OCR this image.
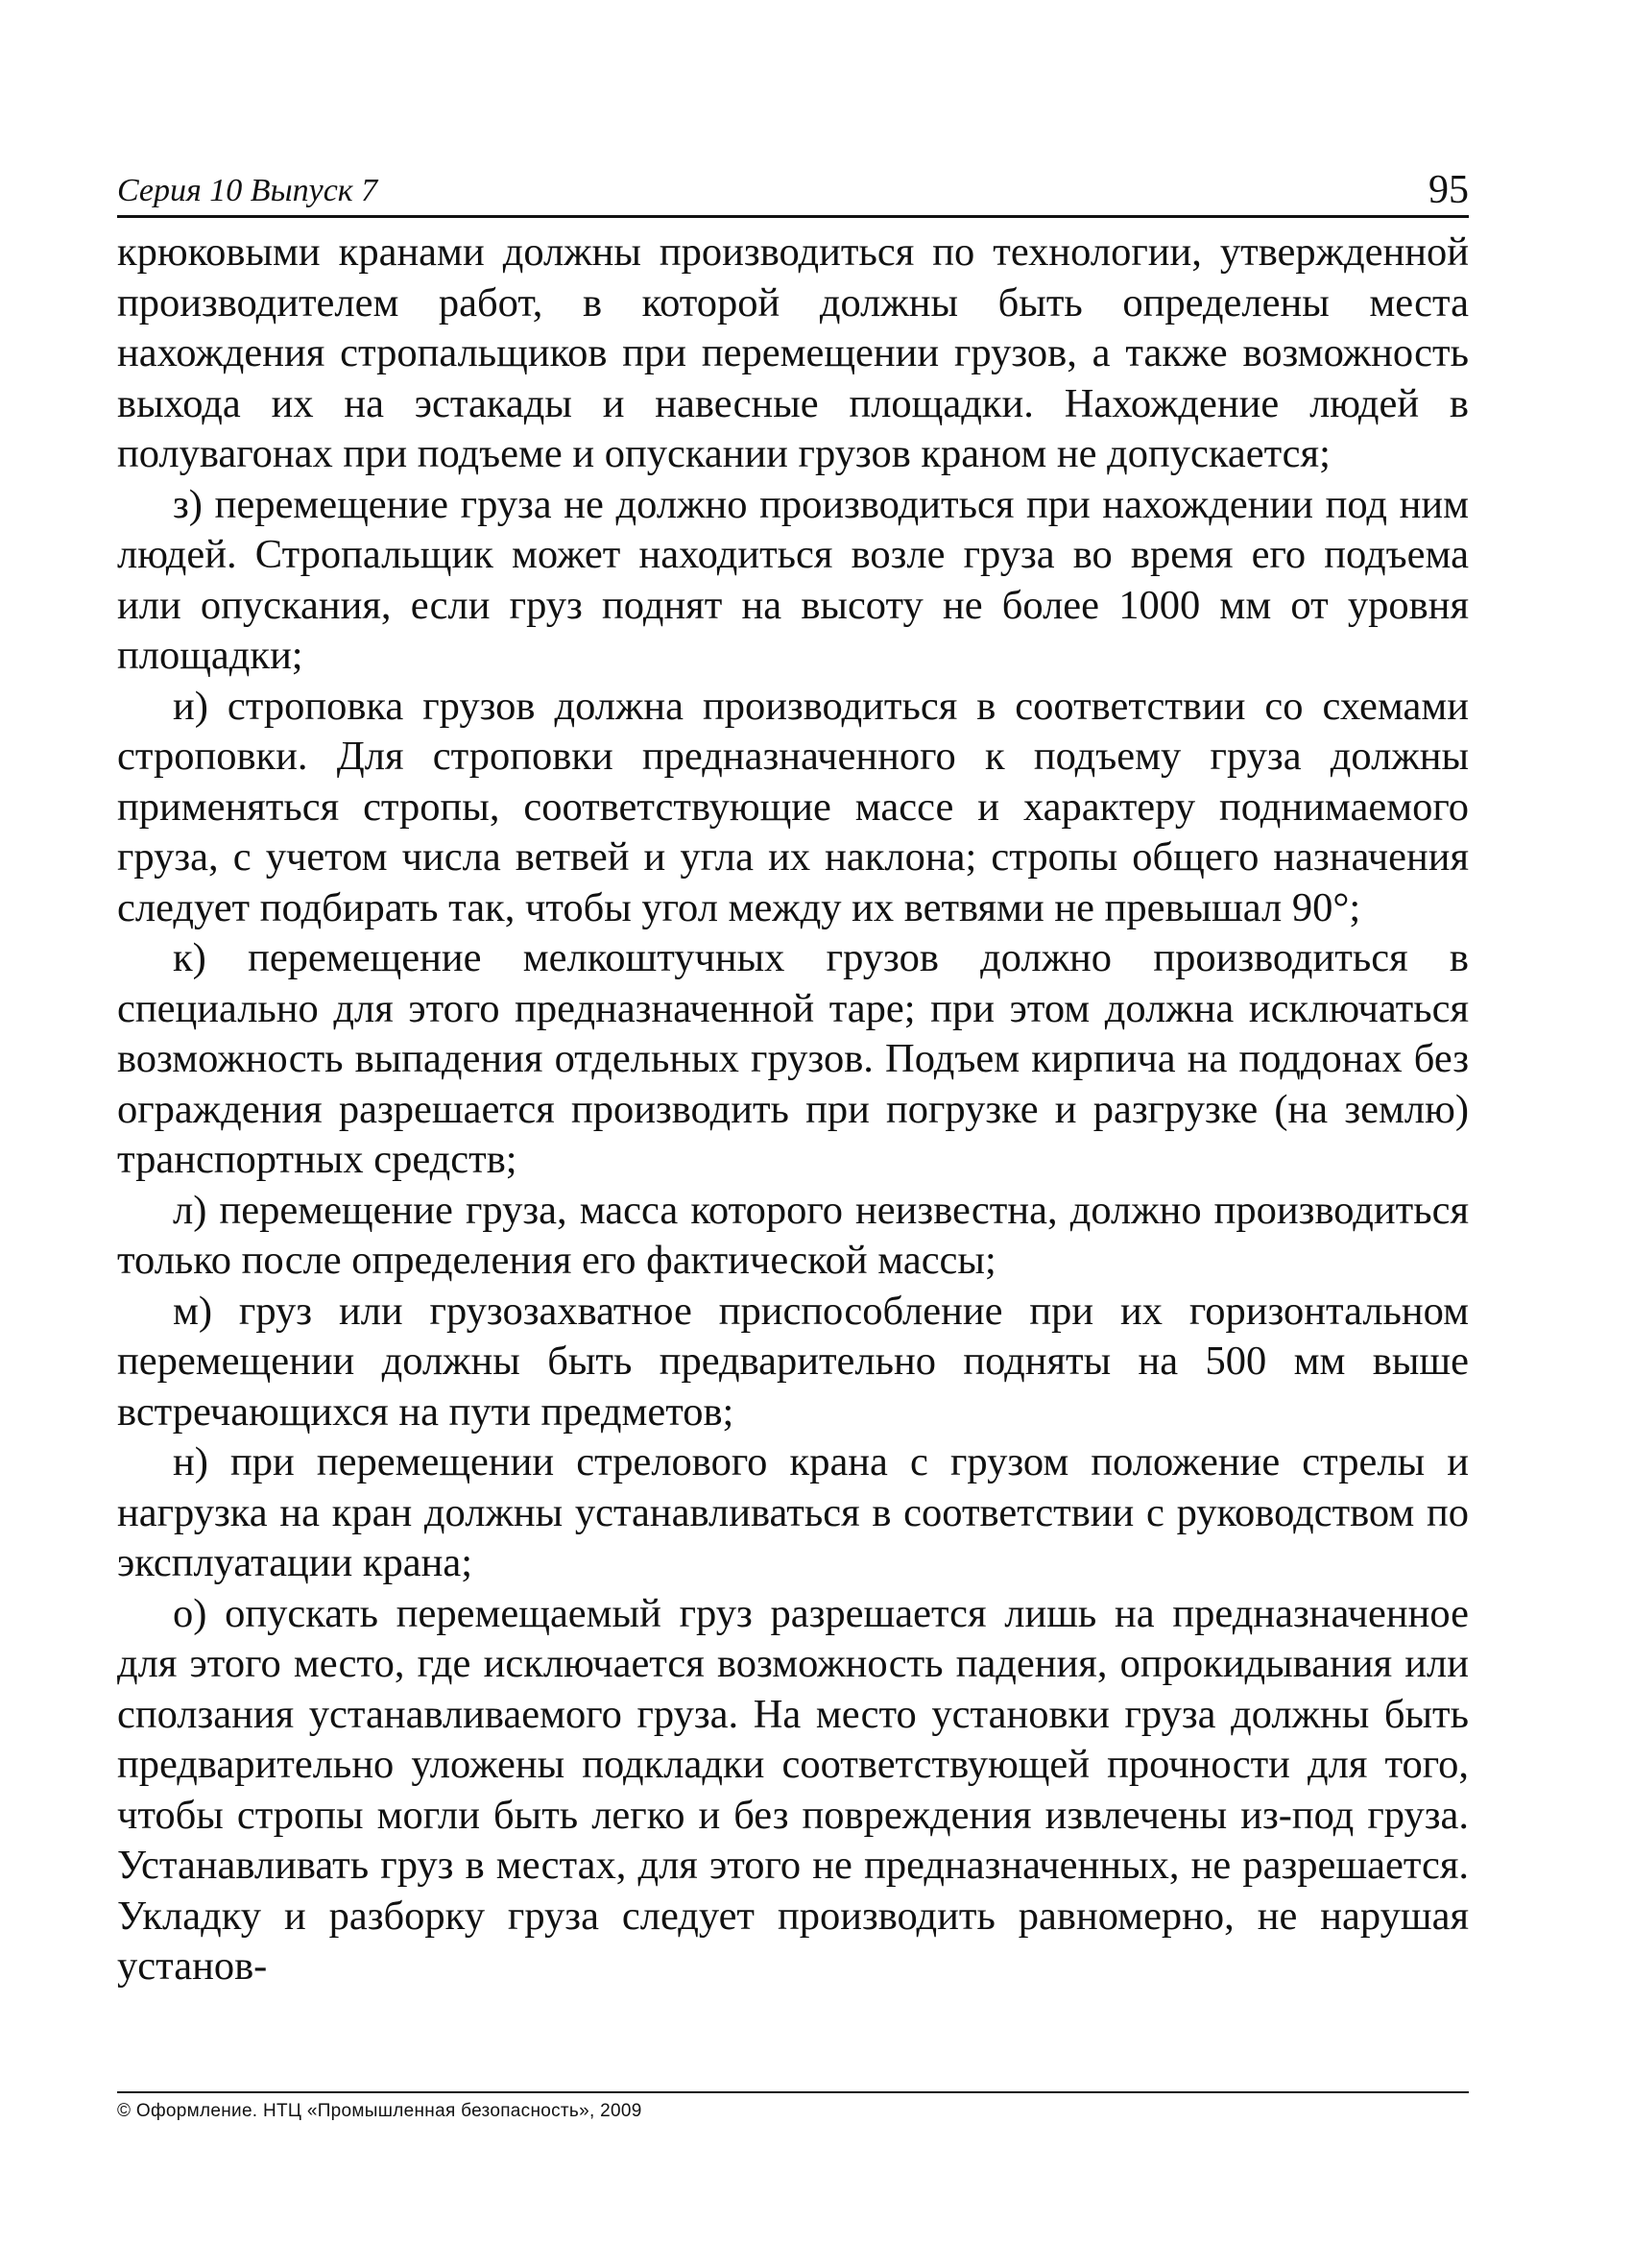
Серия 10 Выпуск 7	95

крюковыми кранами должны производиться по технологии, утвержденной производителем работ, в которой должны быть определены места нахождения стропальщиков при перемещении грузов, а также возможность выхода их на эстакады и навесные площадки. Нахождение людей в полувагонах при подъеме и опускании грузов краном не допускается;

з) перемещение груза не должно производиться при нахождении под ним людей. Стропальщик может находиться возле груза во время его подъема или опускания, если груз поднят на высоту не более 1000 мм от уровня площадки;

и) строповка грузов должна производиться в соответствии со схемами строповки. Для строповки предназначенного к подъему груза должны применяться стропы, соответствующие массе и характеру поднимаемого груза, с учетом числа ветвей и угла их наклона; стропы общего назначения следует подбирать так, чтобы угол между их ветвями не превышал 90°;

к) перемещение мелкоштучных грузов должно производиться в специально для этого предназначенной таре; при этом должна исключаться возможность выпадения отдельных грузов. Подъем кирпича на поддонах без ограждения разрешается производить при погрузке и разгрузке (на землю) транспортных средств;

л) перемещение груза, масса которого неизвестна, должно производиться только после определения его фактической массы;

м) груз или грузозахватное приспособление при их горизонтальном перемещении должны быть предварительно подняты на 500 мм выше встречающихся на пути предметов;

н) при перемещении стрелового крана с грузом положение стрелы и нагрузка на кран должны устанавливаться в соответствии с руководством по эксплуатации крана;

о) опускать перемещаемый груз разрешается лишь на предназначенное для этого место, где исключается возможность падения, опрокидывания или сползания устанавливаемого груза. На место установки груза должны быть предварительно уложены подкладки соответствующей прочности для того, чтобы стропы могли быть легко и без повреждения извлечены из-под груза. Устанавливать груз в местах, для этого не предназначенных, не разрешается. Укладку и разборку груза следует производить равномерно, не нарушая установ-

© Оформление. НТЦ «Промышленная безопасность», 2009
